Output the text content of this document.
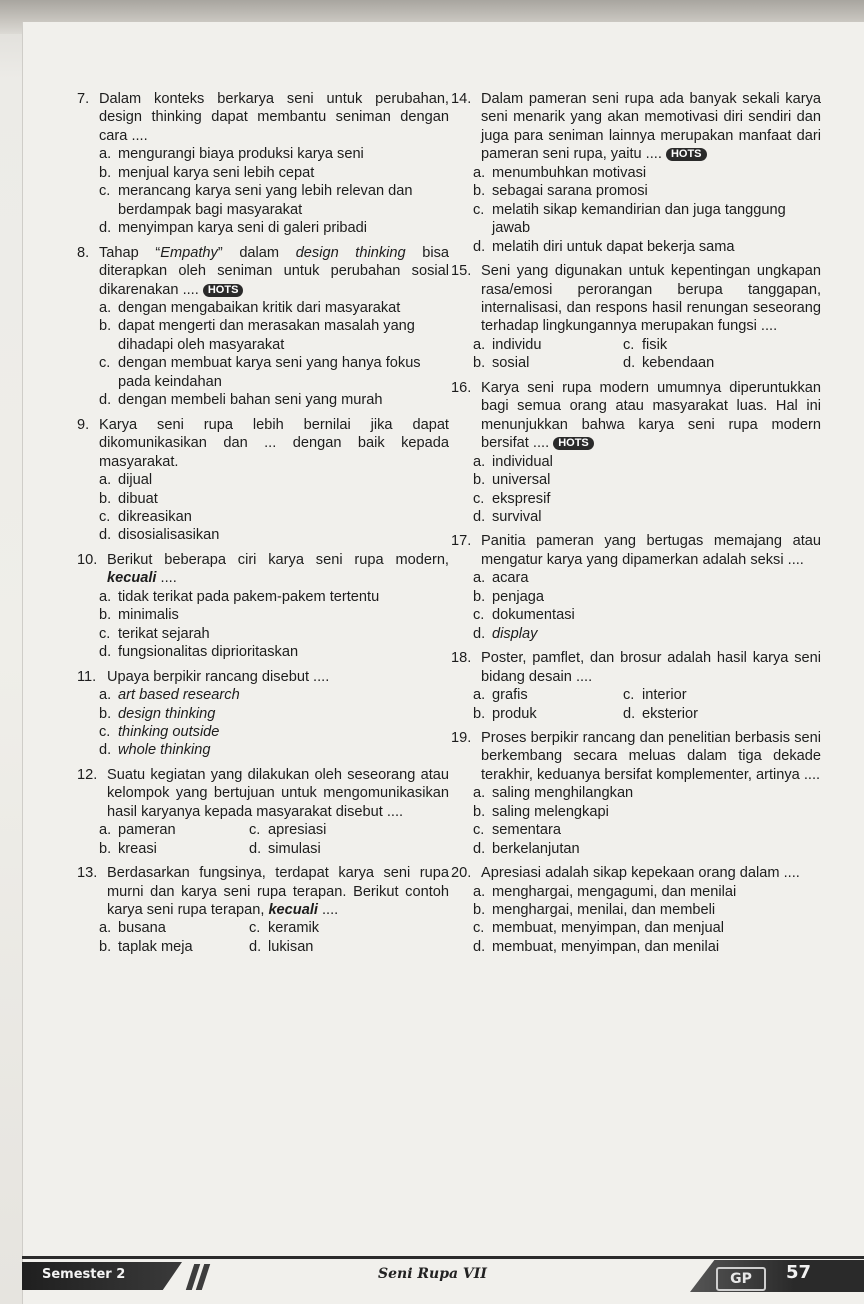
7. Dalam konteks berkarya seni untuk perubahan, design thinking dapat membantu seniman dengan cara ....
a. mengurangi biaya produksi karya seni
b. menjual karya seni lebih cepat
c. merancang karya seni yang lebih relevan dan berdampak bagi masyarakat
d. menyimpan karya seni di galeri pribadi
8. Tahap “Empathy” dalam design thinking bisa diterapkan oleh seniman untuk perubahan sosial dikarenakan .... HOTS
a. dengan mengabaikan kritik dari masyarakat
b. dapat mengerti dan merasakan masalah yang dihadapi oleh masyarakat
c. dengan membuat karya seni yang hanya fokus pada keindahan
d. dengan membeli bahan seni yang murah
9. Karya seni rupa lebih bernilai jika dapat dikomunikasikan dan ... dengan baik kepada masyarakat.
a. dijual
b. dibuat
c. dikreasikan
d. disosialisasikan
10. Berikut beberapa ciri karya seni rupa modern, kecuali ....
a. tidak terikat pada pakem-pakem tertentu
b. minimalis
c. terikat sejarah
d. fungsionalitas diprioritaskan
11. Upaya berpikir rancang disebut ....
a. art based research
b. design thinking
c. thinking outside
d. whole thinking
12. Suatu kegiatan yang dilakukan oleh seseorang atau kelompok yang bertujuan untuk mengomunikasikan hasil karyanya kepada masyarakat disebut ....
a. pameran	c. apresiasi
b. kreasi	d. simulasi
13. Berdasarkan fungsinya, terdapat karya seni rupa murni dan karya seni rupa terapan. Berikut contoh karya seni rupa terapan, kecuali ....
a. busana	c. keramik
b. taplak meja	d. lukisan
14. Dalam pameran seni rupa ada banyak sekali karya seni menarik yang akan memotivasi diri sendiri dan juga para seniman lainnya merupakan manfaat dari pameran seni rupa, yaitu .... HOTS
a. menumbuhkan motivasi
b. sebagai sarana promosi
c. melatih sikap kemandirian dan juga tanggung jawab
d. melatih diri untuk dapat bekerja sama
15. Seni yang digunakan untuk kepentingan ungkapan rasa/emosi perorangan berupa tanggapan, internalisasi, dan respons hasil renungan seseorang terhadap lingkungannya merupakan fungsi ....
a. individu	c. fisik
b. sosial	d. kebendaan
16. Karya seni rupa modern umumnya diperuntukkan bagi semua orang atau masyarakat luas. Hal ini menunjukkan bahwa karya seni rupa modern bersifat .... HOTS
a. individual
b. universal
c. ekspresif
d. survival
17. Panitia pameran yang bertugas memajang atau mengatur karya yang dipamerkan adalah seksi ....
a. acara
b. penjaga
c. dokumentasi
d. display
18. Poster, pamflet, dan brosur adalah hasil karya seni bidang desain ....
a. grafis	c. interior
b. produk	d. eksterior
19. Proses berpikir rancang dan penelitian berbasis seni berkembang secara meluas dalam tiga dekade terakhir, keduanya bersifat komplementer, artinya ....
a. saling menghilangkan
b. saling melengkapi
c. sementara
d. berkelanjutan
20. Apresiasi adalah sikap kepekaan orang dalam ....
a. menghargai, mengagumi, dan menilai
b. menghargai, menilai, dan membeli
c. membuat, menyimpan, dan menjual
d. membuat, menyimpan, dan menilai
Semester 2	Seni Rupa VII	GP	57
